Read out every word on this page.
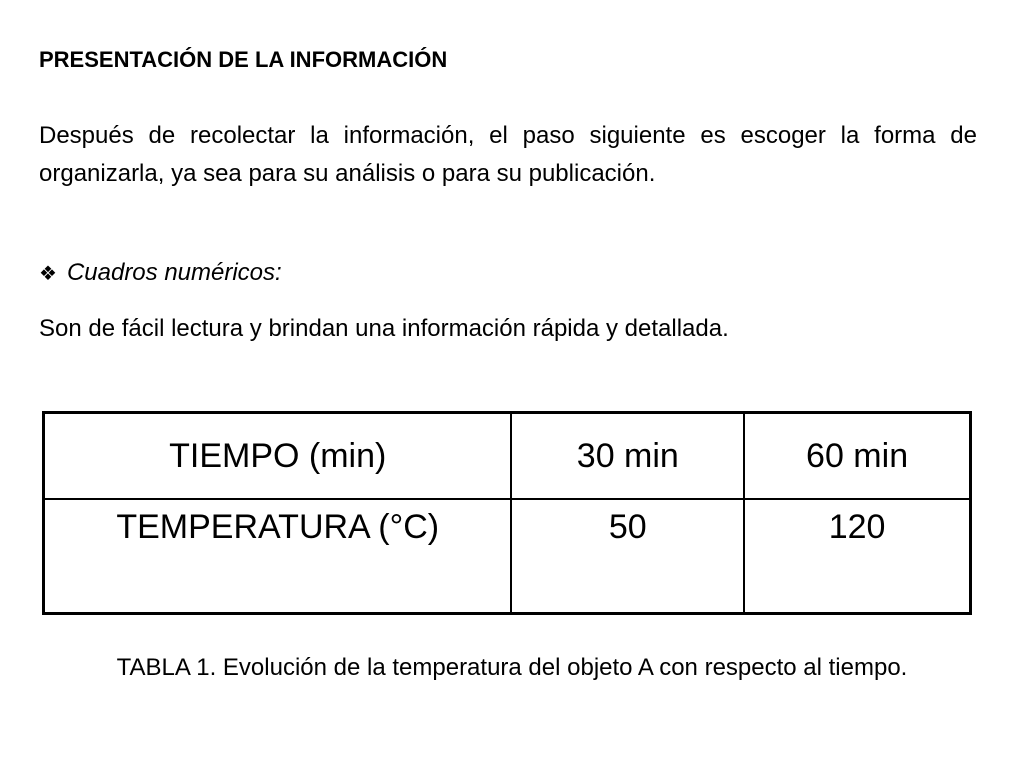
PRESENTACIÓN DE LA INFORMACIÓN

Después de recolectar la información, el paso siguiente es escoger la forma de organizarla, ya sea para su análisis o para su publicación.

❖ Cuadros numéricos:

Son de fácil lectura y brindan una información rápida y detallada.

TIEMPO (min)	30 min	60 min
TEMPERATURA (°C)	50	120

TABLA 1. Evolución de la temperatura del objeto A con respecto al tiempo.
